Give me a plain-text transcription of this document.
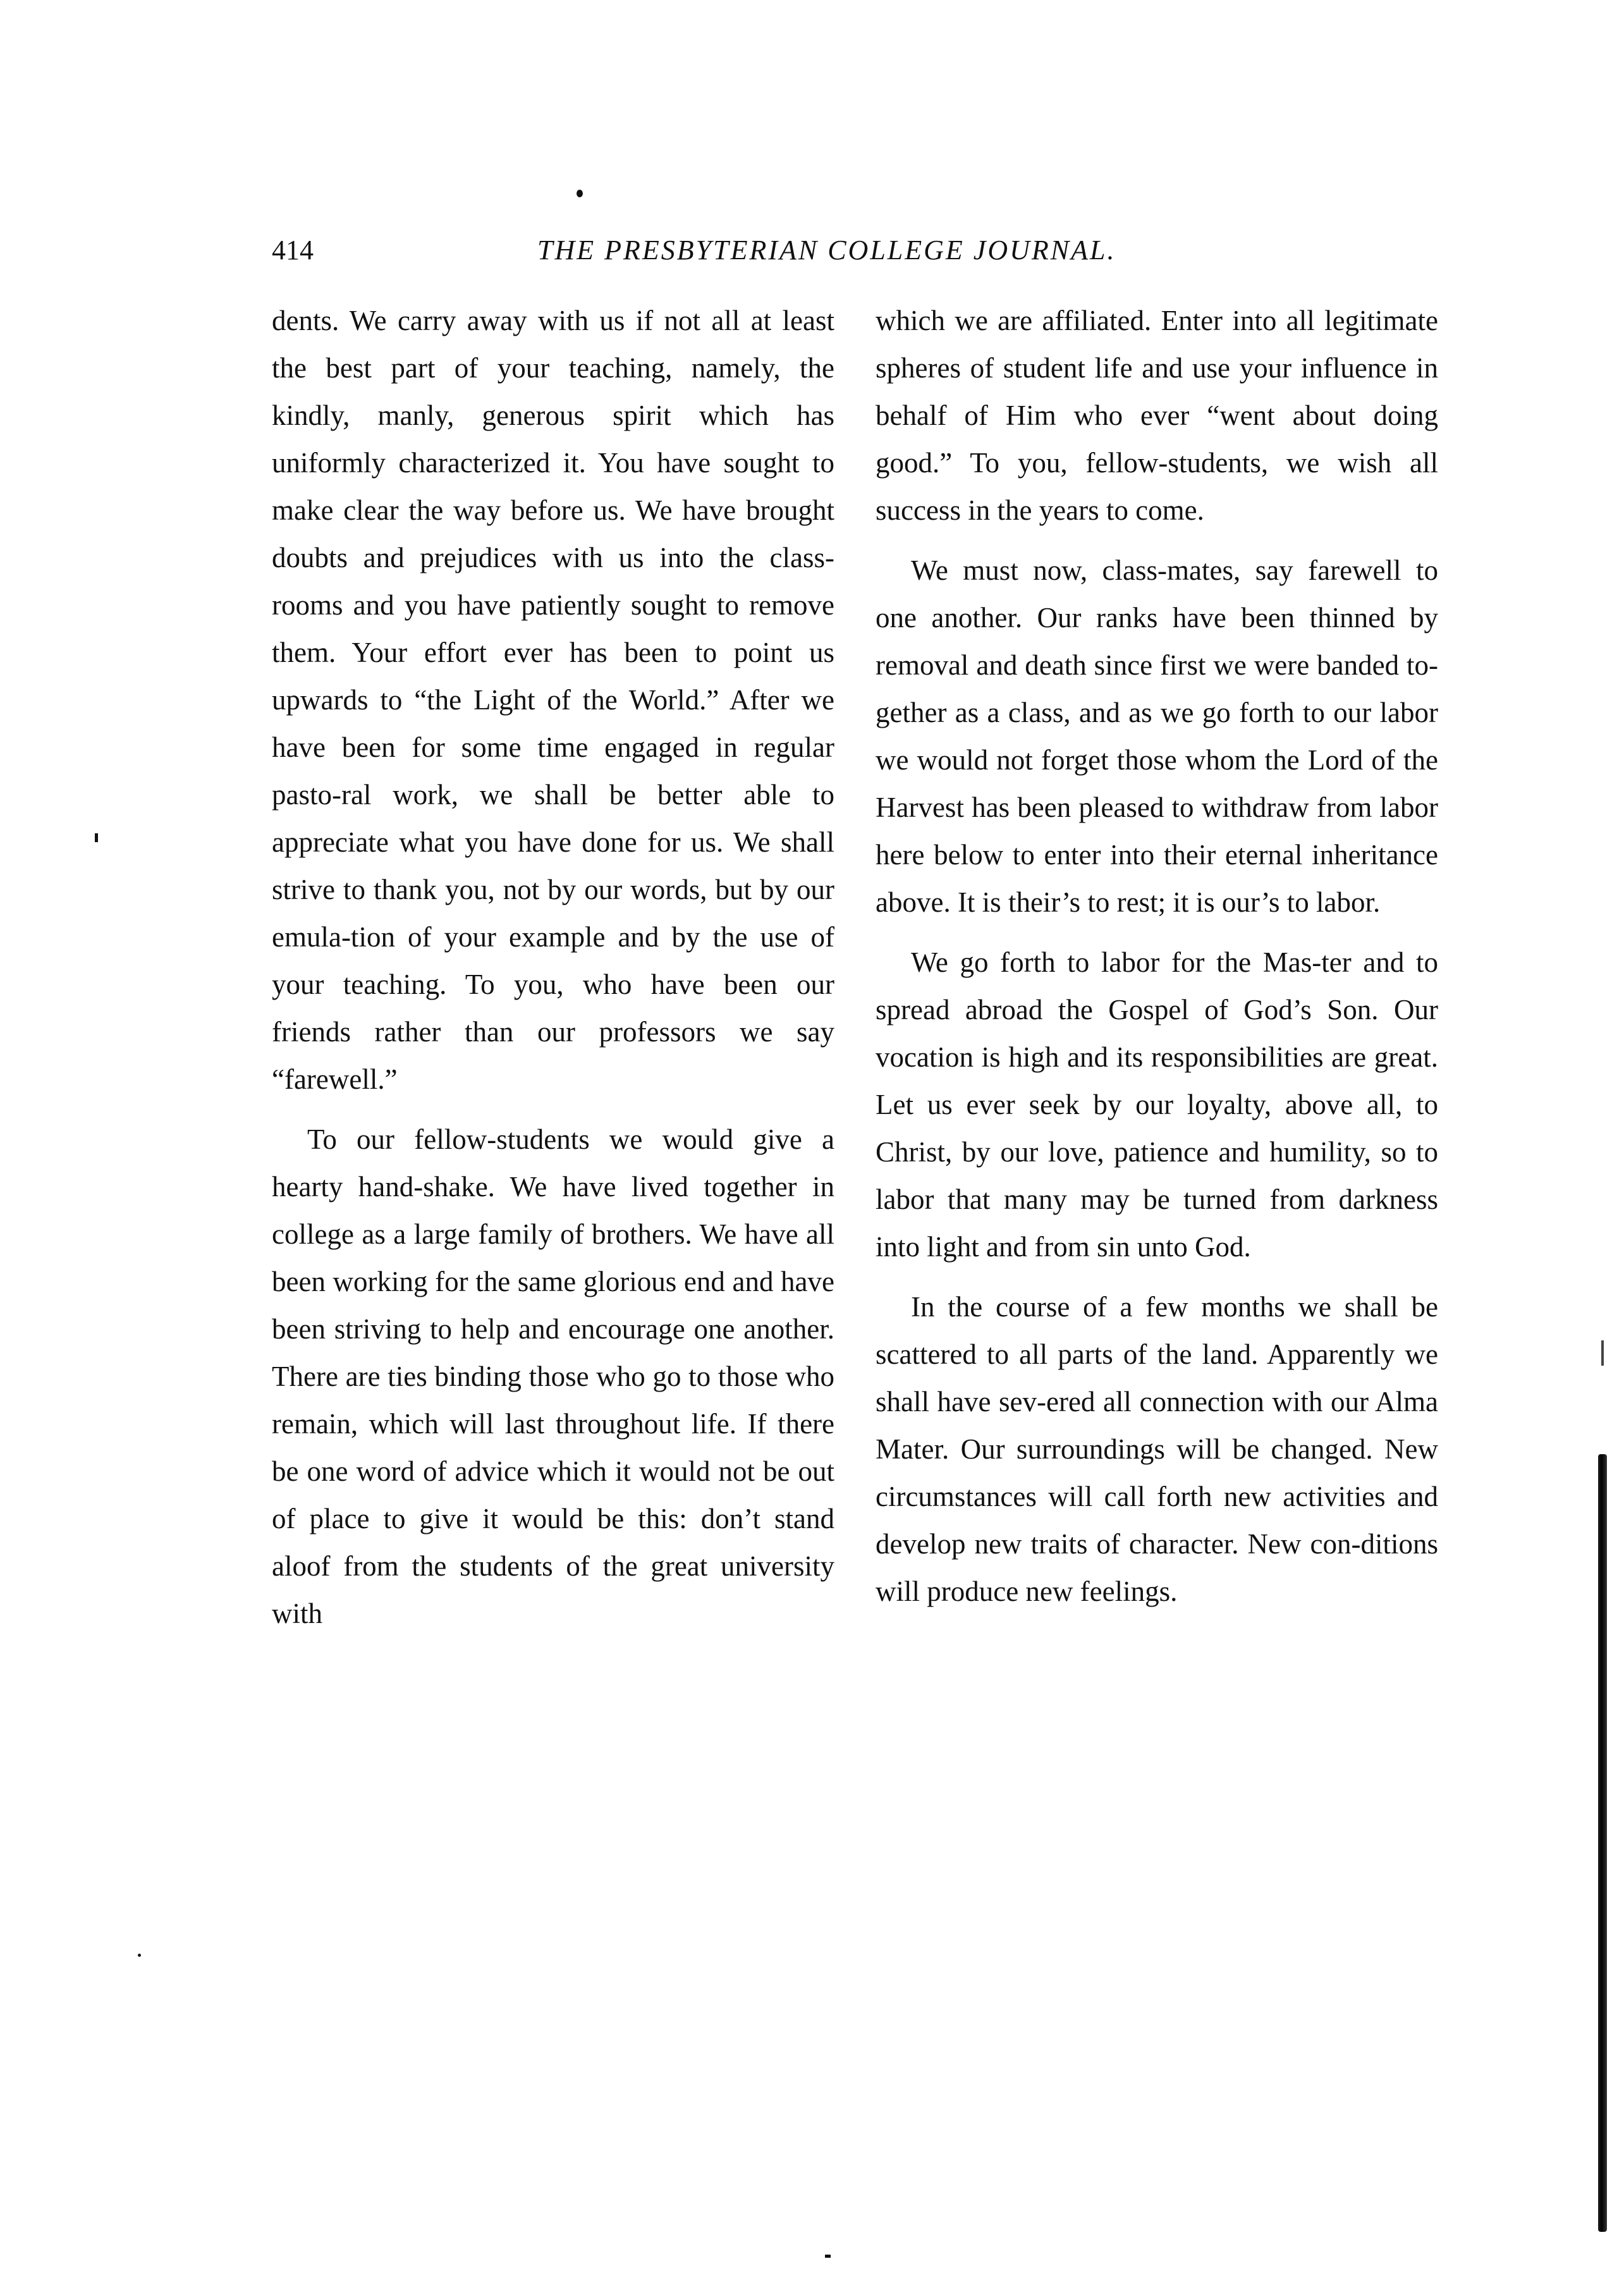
414	THE PRESBYTERIAN COLLEGE JOURNAL.

dents. We carry away with us if not all at least the best part of your teaching, namely, the kindly, manly, generous spirit which has uniformly characterized it. You have sought to make clear the way before us. We have brought doubts and prejudices with us into the class-rooms and you have patiently sought to remove them. Your effort ever has been to point us upwards to “the Light of the World.” After we have been for some time engaged in regular pasto-ral work, we shall be better able to appreciate what you have done for us. We shall strive to thank you, not by our words, but by our emula-tion of your example and by the use of your teaching. To you, who have been our friends rather than our professors we say “farewell.”

To our fellow-students we would give a hearty hand-shake. We have lived together in college as a large family of brothers. We have all been working for the same glorious end and have been striving to help and encourage one another. There are ties binding those who go to those who remain, which will last throughout life. If there be one word of advice which it would not be out of place to give it would be this: don’t stand aloof from the students of the great university with

which we are affiliated. Enter into all legitimate spheres of student life and use your influence in behalf of Him who ever “went about doing good.” To you, fellow-students, we wish all success in the years to come.

We must now, class-mates, say farewell to one another. Our ranks have been thinned by removal and death since first we were banded to-gether as a class, and as we go forth to our labor we would not forget those whom the Lord of the Harvest has been pleased to withdraw from labor here below to enter into their eternal inheritance above. It is their’s to rest; it is our’s to labor.

We go forth to labor for the Mas-ter and to spread abroad the Gospel of God’s Son. Our vocation is high and its responsibilities are great. Let us ever seek by our loyalty, above all, to Christ, by our love, patience and humility, so to labor that many may be turned from darkness into light and from sin unto God.

In the course of a few months we shall be scattered to all parts of the land. Apparently we shall have sev-ered all connection with our Alma Mater. Our surroundings will be changed. New circumstances will call forth new activities and develop new traits of character. New con-ditions will produce new feelings.
